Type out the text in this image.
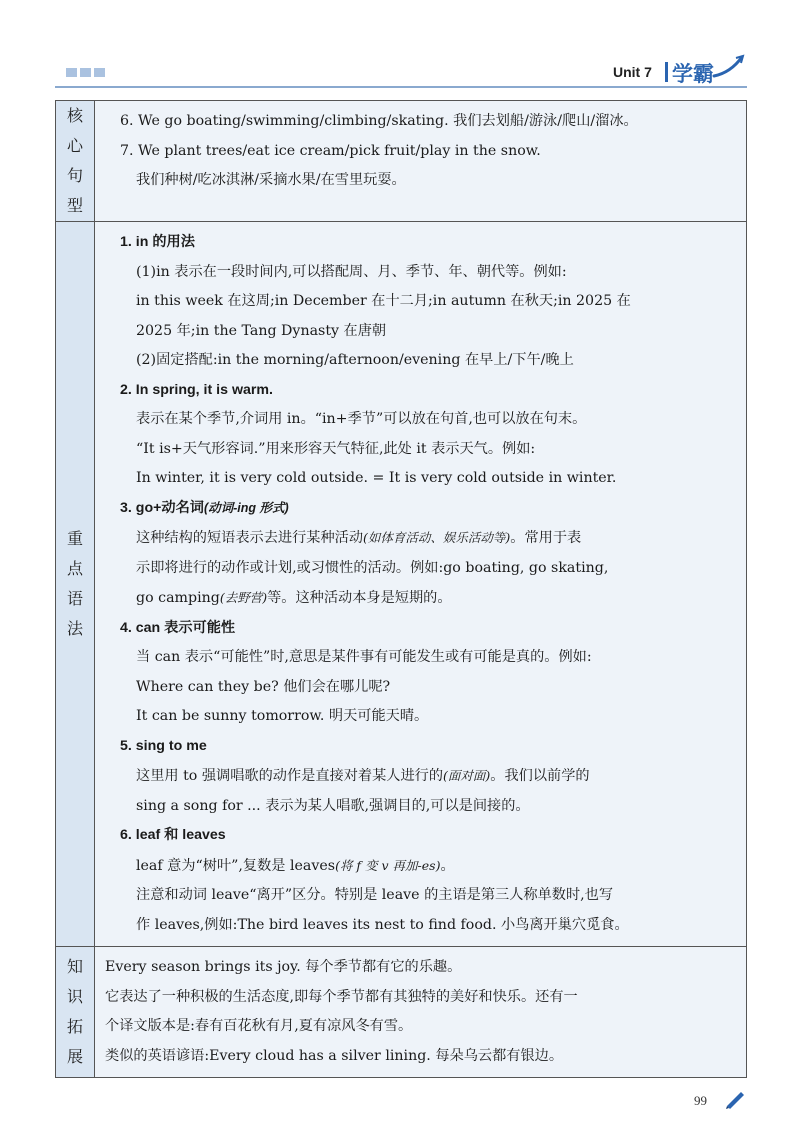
Unit 7 学霸
核
心
句
型
6. We go boating/swimming/climbing/skating. 我们去划船/游泳/爬山/溜冰。
7. We plant trees/eat ice cream/pick fruit/play in the snow.
我们种树/吃冰淇淋/采摘水果/在雪里玩耍。
重
点
语
法
1. in 的用法
(1)in 表示在一段时间内,可以搭配周、月、季节、年、朝代等。例如:
in this week 在这周;in December 在十二月;in autumn 在秋天;in 2025 在
2025 年;in the Tang Dynasty 在唐朝
(2)固定搭配:in the morning/afternoon/evening 在早上/下午/晚上
2. In spring, it is warm.
表示在某个季节,介词用 in。“in+季节”可以放在句首,也可以放在句末。
“It is+天气形容词.”用来形容天气特征,此处 it 表示天气。例如:
In winter, it is very cold outside. = It is very cold outside in winter.
3. go+动名词(动词-ing 形式)
这种结构的短语表示去进行某种活动(如体育活动、娱乐活动等)。常用于表
示即将进行的动作或计划,或习惯性的活动。例如:go boating, go skating,
go camping(去野营)等。这种活动本身是短期的。
4. can 表示可能性
当 can 表示“可能性”时,意思是某件事有可能发生或有可能是真的。例如:
Where can they be? 他们会在哪儿呢?
It can be sunny tomorrow. 明天可能天晴。
5. sing to me
这里用 to 强调唱歌的动作是直接对着某人进行的(面对面)。我们以前学的
sing a song for ... 表示为某人唱歌,强调目的,可以是间接的。
6. leaf 和 leaves
leaf 意为“树叶”,复数是 leaves(将 f 变 v 再加-es)。
注意和动词 leave“离开”区分。特别是 leave 的主语是第三人称单数时,也写
作 leaves,例如:The bird leaves its nest to find food. 小鸟离开巢穴觅食。
知
识
拓
展
Every season brings its joy. 每个季节都有它的乐趣。
它表达了一种积极的生活态度,即每个季节都有其独特的美好和快乐。还有一
个译文版本是:春有百花秋有月,夏有凉风冬有雪。
类似的英语谚语:Every cloud has a silver lining. 每朵乌云都有银边。
99
